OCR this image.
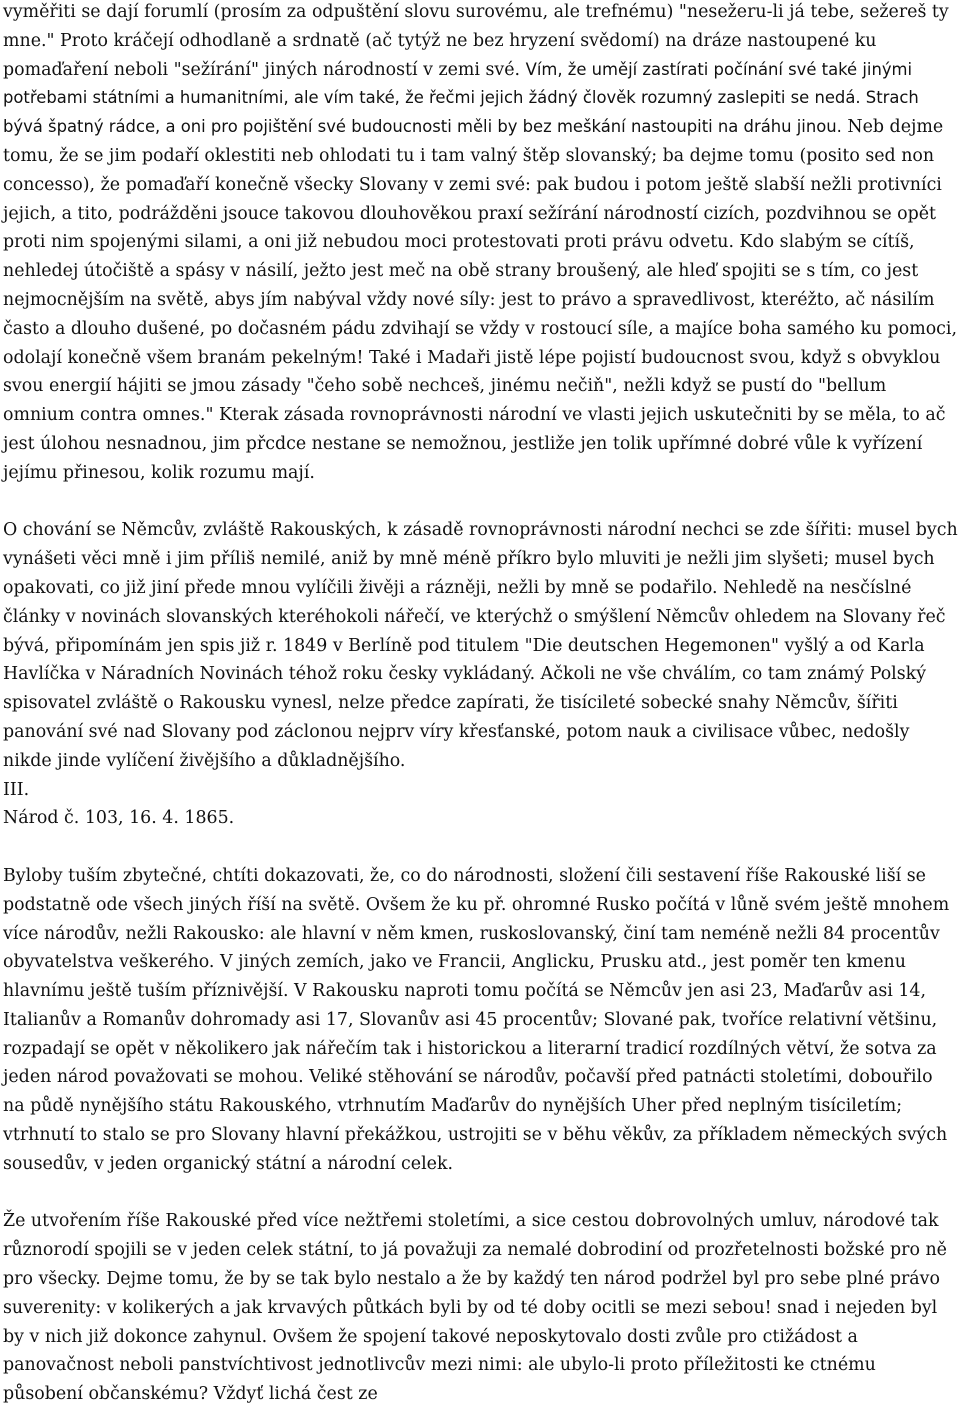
vyměřiti se dají forumlí (prosím za odpuštění slovu surovému, ale trefnému) "nesežeru-li já tebe, sežereš ty mne." Proto kráčejí odhodlaně a srdnatě (ač tytýž ne bez hryzení svědomí) na dráze nastoupené ku pomaďaření neboli "sežírání" jiných národností v zemi své. Vím, že umějí zastírati počínání své také jinými potřebami státními a humanitními, ale vím také, že řečmi jejich žádný člověk rozumný zaslepiti se nedá. Strach bývá špatný rádce, a oni pro pojištění své budoucnosti měli by bez meškání nastoupiti na dráhu jinou. Neb dejme tomu, že se jim podaří oklestiti neb ohlodati tu i tam valný štěp slovanský; ba dejme tomu (posito sed non concesso), že pomaďaří konečně všecky Slovany v zemi své: pak budou i potom ještě slabší nežli protivníci jejich, a tito, podrážděni jsouce takovou dlouhověkou praxí sežírání národností cizích, pozdvihnou se opět proti nim spojenými silami, a oni již nebudou moci protestovati proti právu odvetu. Kdo slabým se cítíš, nehledej útočiště a spásy v násilí, ježto jest meč na obě strany broušený, ale hleď spojiti se s tím, co jest nejmocnějším na světě, abys jím nabýval vždy nové síly: jest to právo a spravedlivost, kteréžto, ač násilím často a dlouho dušené, po dočasném pádu zdvihají se vždy v rostoucí síle, a majíce boha samého ku pomoci, odolají konečně všem branám pekelným! Také i Madaři jistě lépe pojistí budoucnost svou, když s obvyklou svou energií hájiti se jmou zásady "čeho sobě nechceš, jinému nečiň", nežli když se pustí do "bellum omnium contra omnes." Kterak zásada rovnoprávnosti národní ve vlasti jejich uskutečniti by se měla, to ač jest úlohou nesnadnou, jim přcdce nestane se nemožnou, jestliže jen tolik upřímné dobré vůle k vyřízení jejímu přinesou, kolik rozumu mají.

O chování se Němcův, zvláště Rakouských, k zásadě rovnoprávnosti národní nechci se zde šířiti: musel bych vynášeti věci mně i jim příliš nemilé, aniž by mně méně příkro bylo mluviti je nežli jim slyšeti; musel bych opakovati, co již jiní přede mnou vylíčili živěji a rázněji, nežli by mně se podařilo. Nehledě na nesčíslné články v novinách slovanských kteréhokoli nářečí, ve kterýchž o smýšlení Němcův ohledem na Slovany řeč bývá, připomínám jen spis již r. 1849 v Berlíně pod titulem "Die deutschen Hegemonen" vyšlý a od Karla Havlíčka v Náradních Novinách téhož roku česky vykládaný. Ačkoli ne vše chválím, co tam známý Polský spisovatel zvláště o Rakousku vynesl, nelze předce zapírati, že tisícileté sobecké snahy Němcův, šířiti panování své nad Slovany pod záclonou nejprv víry křesťanské, potom nauk a civilisace vůbec, nedošly nikde jinde vylíčení živějšího a důkladnějšího.
III.
Národ č. 103, 16. 4. 1865.

Byloby tuším zbytečné, chtíti dokazovati, že, co do národnosti, složení čili sestavení říše Rakouské liší se podstatně ode všech jiných říší na světě. Ovšem že ku př. ohromné Rusko počítá v lůně svém ještě mnohem více národův, nežli Rakousko: ale hlavní v něm kmen, ruskoslovanský, činí tam neméně nežli 84 procentův obyvatelstva veškerého. V jiných zemích, jako ve Francii, Anglicku, Prusku atd., jest poměr ten kmenu hlavnímu ještě tuším příznivější. V Rakousku naproti tomu počítá se Němcův jen asi 23, Maďarův asi 14, Italianův a Romanův dohromady asi 17, Slovanův asi 45 procentův; Slované pak, tvoříce relativní většinu, rozpadají se opět v několikero jak nářečím tak i historickou a literarní tradicí rozdílných větví, že sotva za jeden národ považovati se mohou. Veliké stěhování se národův, počavší před patnácti stoletími, dobouřilo na půdě nynějšího státu Rakouského, vtrhnutím Maďarův do nynějších Uher před neplným tisíciletím; vtrhnutí to stalo se pro Slovany hlavní překážkou, ustrojiti se v běhu věkův, za příkladem německých svých sousedův, v jeden organický státní a národní celek.

Že utvořením říše Rakouské před více nežtřemi stoletími, a sice cestou dobrovolných umluv, národové tak různorodí spojili se v jeden celek státní, to já považuji za nemalé dobrodiní od prozřetelnosti božské pro ně pro všecky. Dejme tomu, že by se tak bylo nestalo a že by každý ten národ podržel byl pro sebe plné právo suverenity: v kolikerých a jak krvavých půtkách byli by od té doby ocitli se mezi sebou! snad i nejeden byl by v nich již dokonce zahynul. Ovšem že spojení takové neposkytovalo dosti zvůle pro ctižádost a panovačnost neboli panstvíchtivost jednotlivcův mezi nimi: ale ubylo-li proto příležitosti ke ctnému působení občanskému? Vždyť lichá čest ze
